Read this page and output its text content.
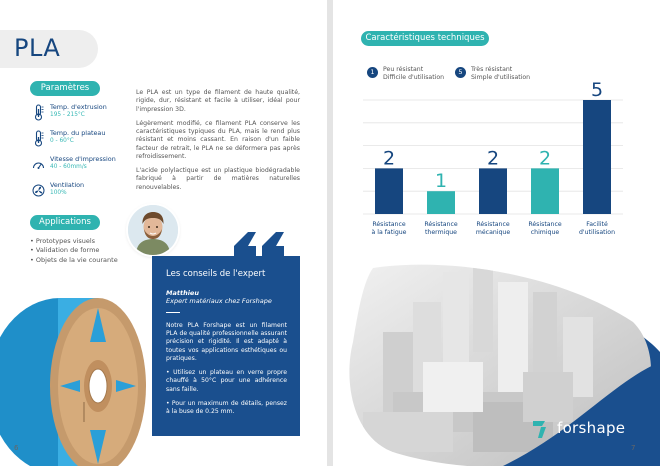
PLA
Paramètres
Temp. d'extrusion
195 - 215°C
Temp. du plateau
0 - 60°C
Vitesse d'impression
40 - 60mm/s
Ventilation
100%

Le PLA est un type de filament de haute qualité, rigide, dur, résistant et facile à utiliser, idéal pour l'impression 3D.

Légèrement modifié, ce filament PLA conserve les caractéristiques typiques du PLA, mais le rend plus résistant et moins cassant. En raison d'un faible facteur de retrait, le PLA ne se déformera pas après refroidissement.

L'acide polylactique est un plastique biodégradable fabriqué à partir de matières naturelles renouvelables.

Applications
• Prototypes visuels
• Validation de forme
• Objets de la vie courante
Les conseils de l'expert
Matthieu
Expert matériaux chez Forshape

Notre PLA Forshape est un filament PLA de qualité professionnelle assurant précision et rigidité. Il est adapté à toutes vos applications esthétiques ou pratiques.

• Utilisez un plateau en verre propre chauffé à 50°C pour une adhérence sans faille.

• Pour un maximum de détails, pensez à la buse de 0.25 mm.

6
Caractéristiques techniques
1	Peu résistant
Difficile d'utilisation
5	Très résistant
Simple d'utilisation
2
Résistance
à la fatigue
1
Résistance
thermique
2
Résistance
mécanique
2
Résistance
chimique
5
Facilité
d'utilisation
forshape
7
